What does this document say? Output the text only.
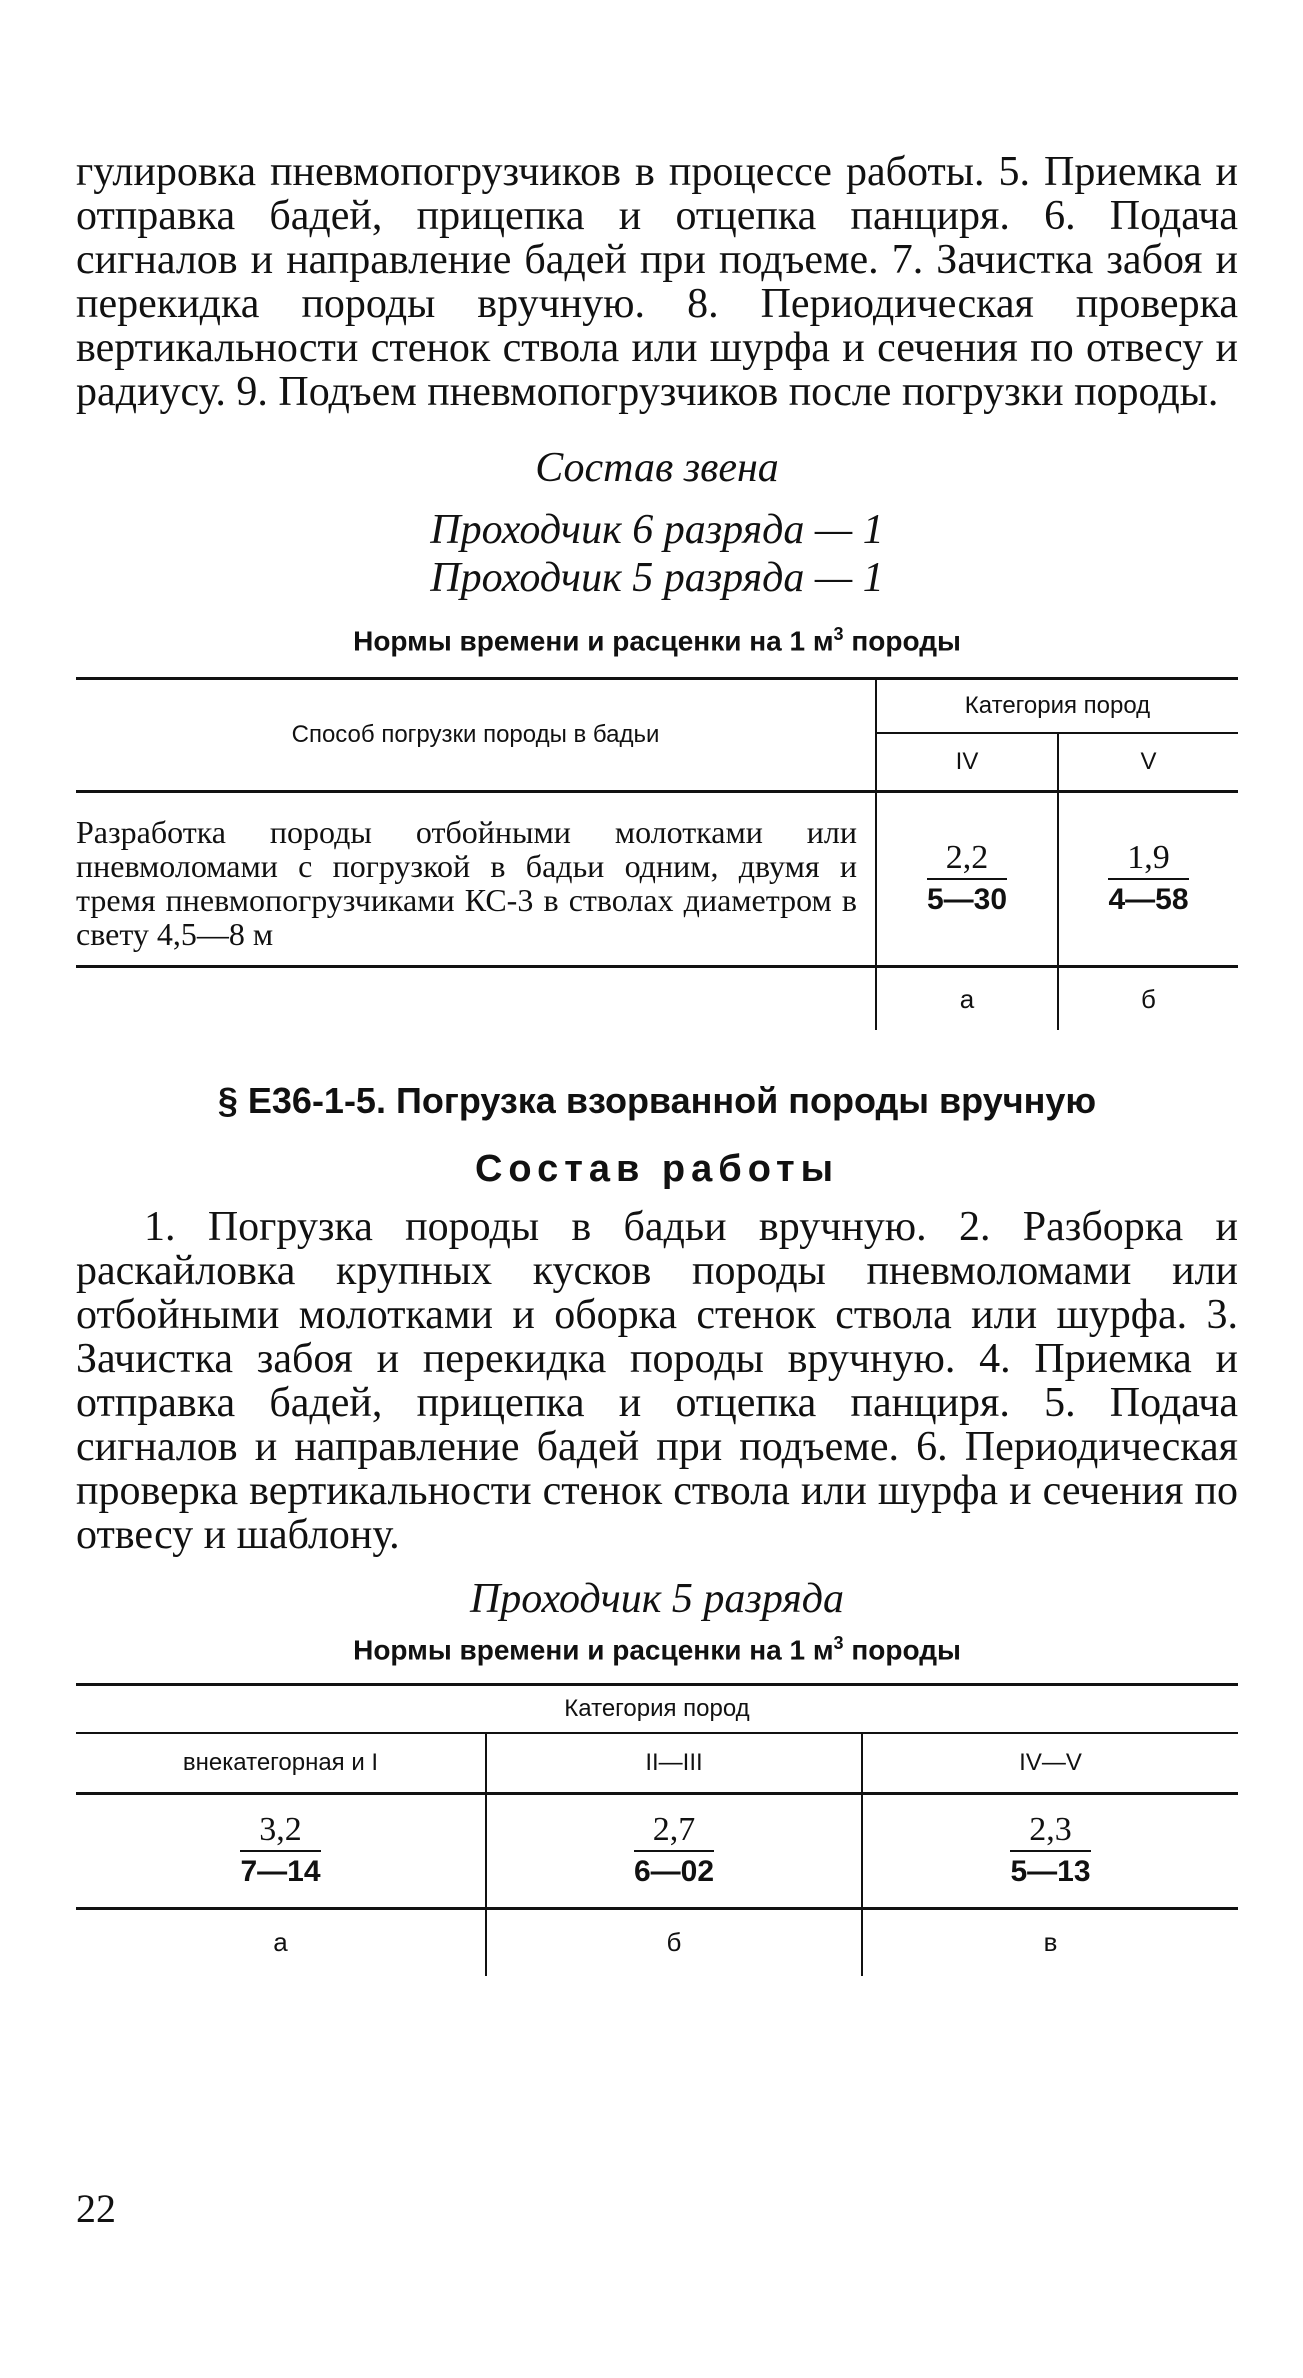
гулировка пневмопогрузчиков в процессе работы. 5. Приемка и отправка бадей, прицепка и отцепка панциря. 6. Подача сигналов и направление бадей при подъеме. 7. Зачистка забоя и перекидка породы вручную. 8. Периодическая проверка вертикальности стенок ствола или шурфа и сечения по отвесу и радиусу. 9. Подъем пневмопогрузчиков после погрузки породы.

Состав звена

Проходчик 6 разряда — 1

Проходчик 5 разряда — 1

Нормы времени и расценки на 1 $м^3$ породы

Способ погрузки породы в бадьи	Категория пород	
	IV	V
Разработка породы отбойными молотками или пневмоломами с погрузкой в бадьи одним, двумя и тремя пневмопогрузчиками КС-3 в стволах диаметром в свету 4,5—8 м	$\frac{2,2}{5—30}$	$\frac{1,9}{4—58}$

	а	б

§ Е36-1-5. Погрузка взорванной породы вручную

Состав работы

1. Погрузка породы в бадьи вручную. 2. Разборка и раскайловка крупных кусков породы пневмоломами или отбойными молотками и оборка стенок ствола или шурфа. 3. Зачистка забоя и перекидка породы вручную. 4. Приемка и отправка бадей, прицепка и отцепка панциря. 5. Подача сигналов и направление бадей при подъеме. 6. Периодическая проверка вертикальности стенок ствола или шурфа и сечения по отвесу и шаблону.

Проходчик 5 разряда

Нормы времени и расценки на 1 $м^3$ породы

Категория пород		
внекатегорная и I	II—III	IV—V

$\frac{3,2}{7—14}$	$\frac{2,7}{6—02}$	$\frac{2,3}{5—13}$

а	б	в
22
